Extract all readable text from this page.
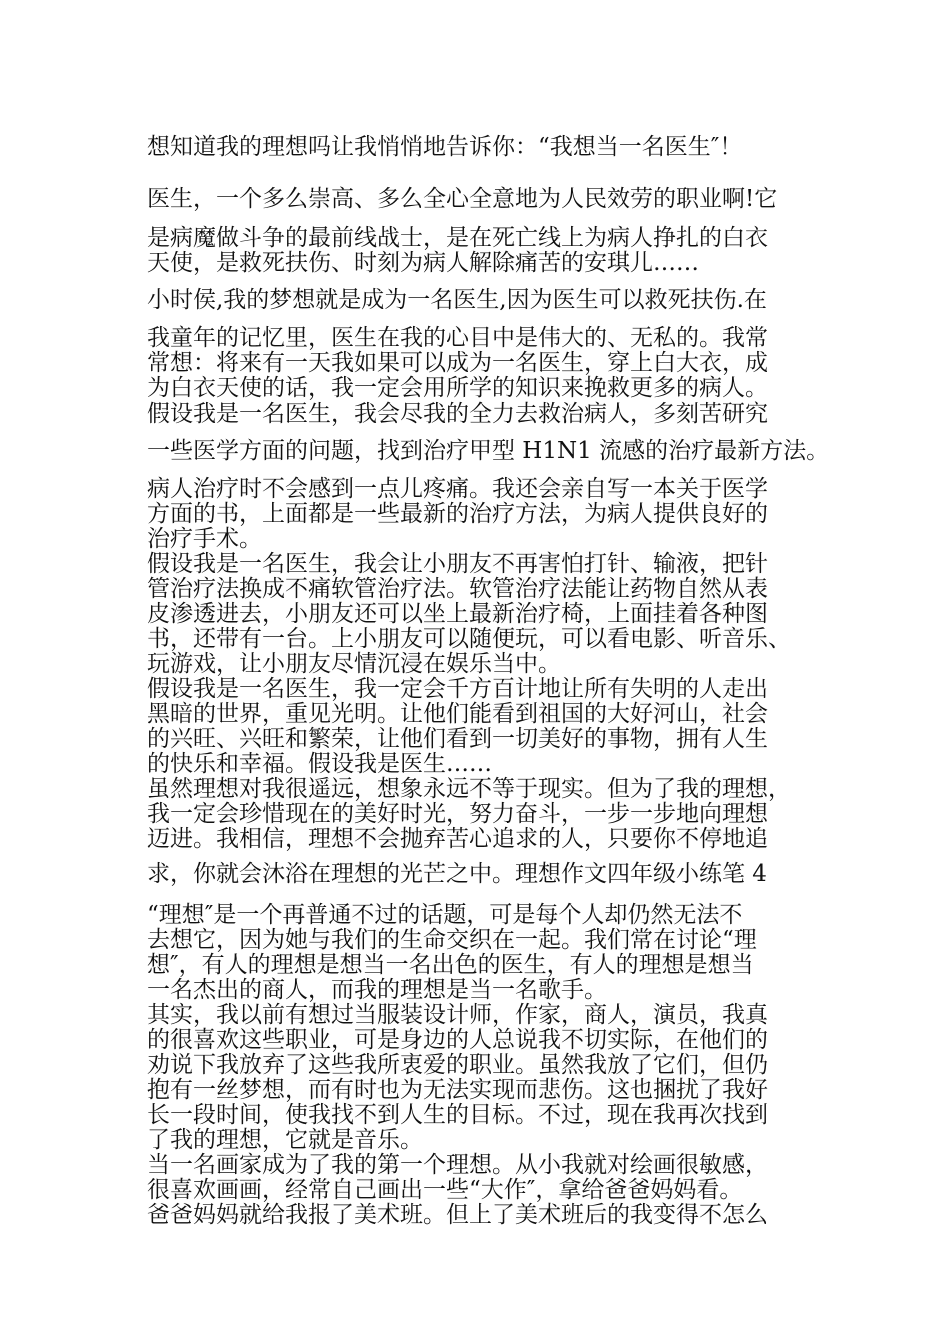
想知道我的理想吗让我悄悄地告诉你：“我想当一名医生″！
医生，一个多么崇高、多么全心全意地为人民效劳的职业啊!它
是病魔做斗争的最前线战士，是在死亡线上为病人挣扎的白衣
天使，是救死扶伤、时刻为病人解除痛苦的安琪儿……
小时侯,我的梦想就是成为一名医生,因为医生可以救死扶伤.在
我童年的记忆里，医生在我的心目中是伟大的、无私的。我常
常想：将来有一天我如果可以成为一名医生，穿上白大衣，成
为白衣天使的话，我一定会用所学的知识来挽救更多的病人。
假设我是一名医生，我会尽我的全力去救治病人，多刻苦研究
一些医学方面的问题，找到治疗甲型 H1N1 流感的治疗最新方法。
病人治疗时不会感到一点儿疼痛。我还会亲自写一本关于医学
方面的书，上面都是一些最新的治疗方法，为病人提供良好的
治疗手术。
假设我是一名医生，我会让小朋友不再害怕打针、输液，把针
管治疗法换成不痛软管治疗法。软管治疗法能让药物自然从表
皮渗透进去，小朋友还可以坐上最新治疗椅，上面挂着各种图
书，还带有一台。上小朋友可以随便玩，可以看电影、听音乐、
玩游戏，让小朋友尽情沉浸在娱乐当中。
假设我是一名医生，我一定会千方百计地让所有失明的人走出
黑暗的世界，重见光明。让他们能看到祖国的大好河山，社会
的兴旺、兴旺和繁荣，让他们看到一切美好的事物，拥有人生
的快乐和幸福。假设我是医生……
虽然理想对我很遥远，想象永远不等于现实。但为了我的理想，
我一定会珍惜现在的美好时光，努力奋斗，一步一步地向理想
迈进。我相信，理想不会抛弃苦心追求的人，只要你不停地追
求，你就会沐浴在理想的光芒之中。理想作文四年级小练笔 4
“理想″是一个再普通不过的话题，可是每个人却仍然无法不
去想它，因为她与我们的生命交织在一起。我们常在讨论“理
想″，有人的理想是想当一名出色的医生，有人的理想是想当
一名杰出的商人，而我的理想是当一名歌手。
其实，我以前有想过当服装设计师，作家，商人，演员，我真
的很喜欢这些职业，可是身边的人总说我不切实际，在他们的
劝说下我放弃了这些我所衷爱的职业。虽然我放了它们，但仍
抱有一丝梦想，而有时也为无法实现而悲伤。这也捆扰了我好
长一段时间，使我找不到人生的目标。不过，现在我再次找到
了我的理想，它就是音乐。
当一名画家成为了我的第一个理想。从小我就对绘画很敏感，
很喜欢画画，经常自己画出一些“大作″，拿给爸爸妈妈看。
爸爸妈妈就给我报了美术班。但上了美术班后的我变得不怎么
